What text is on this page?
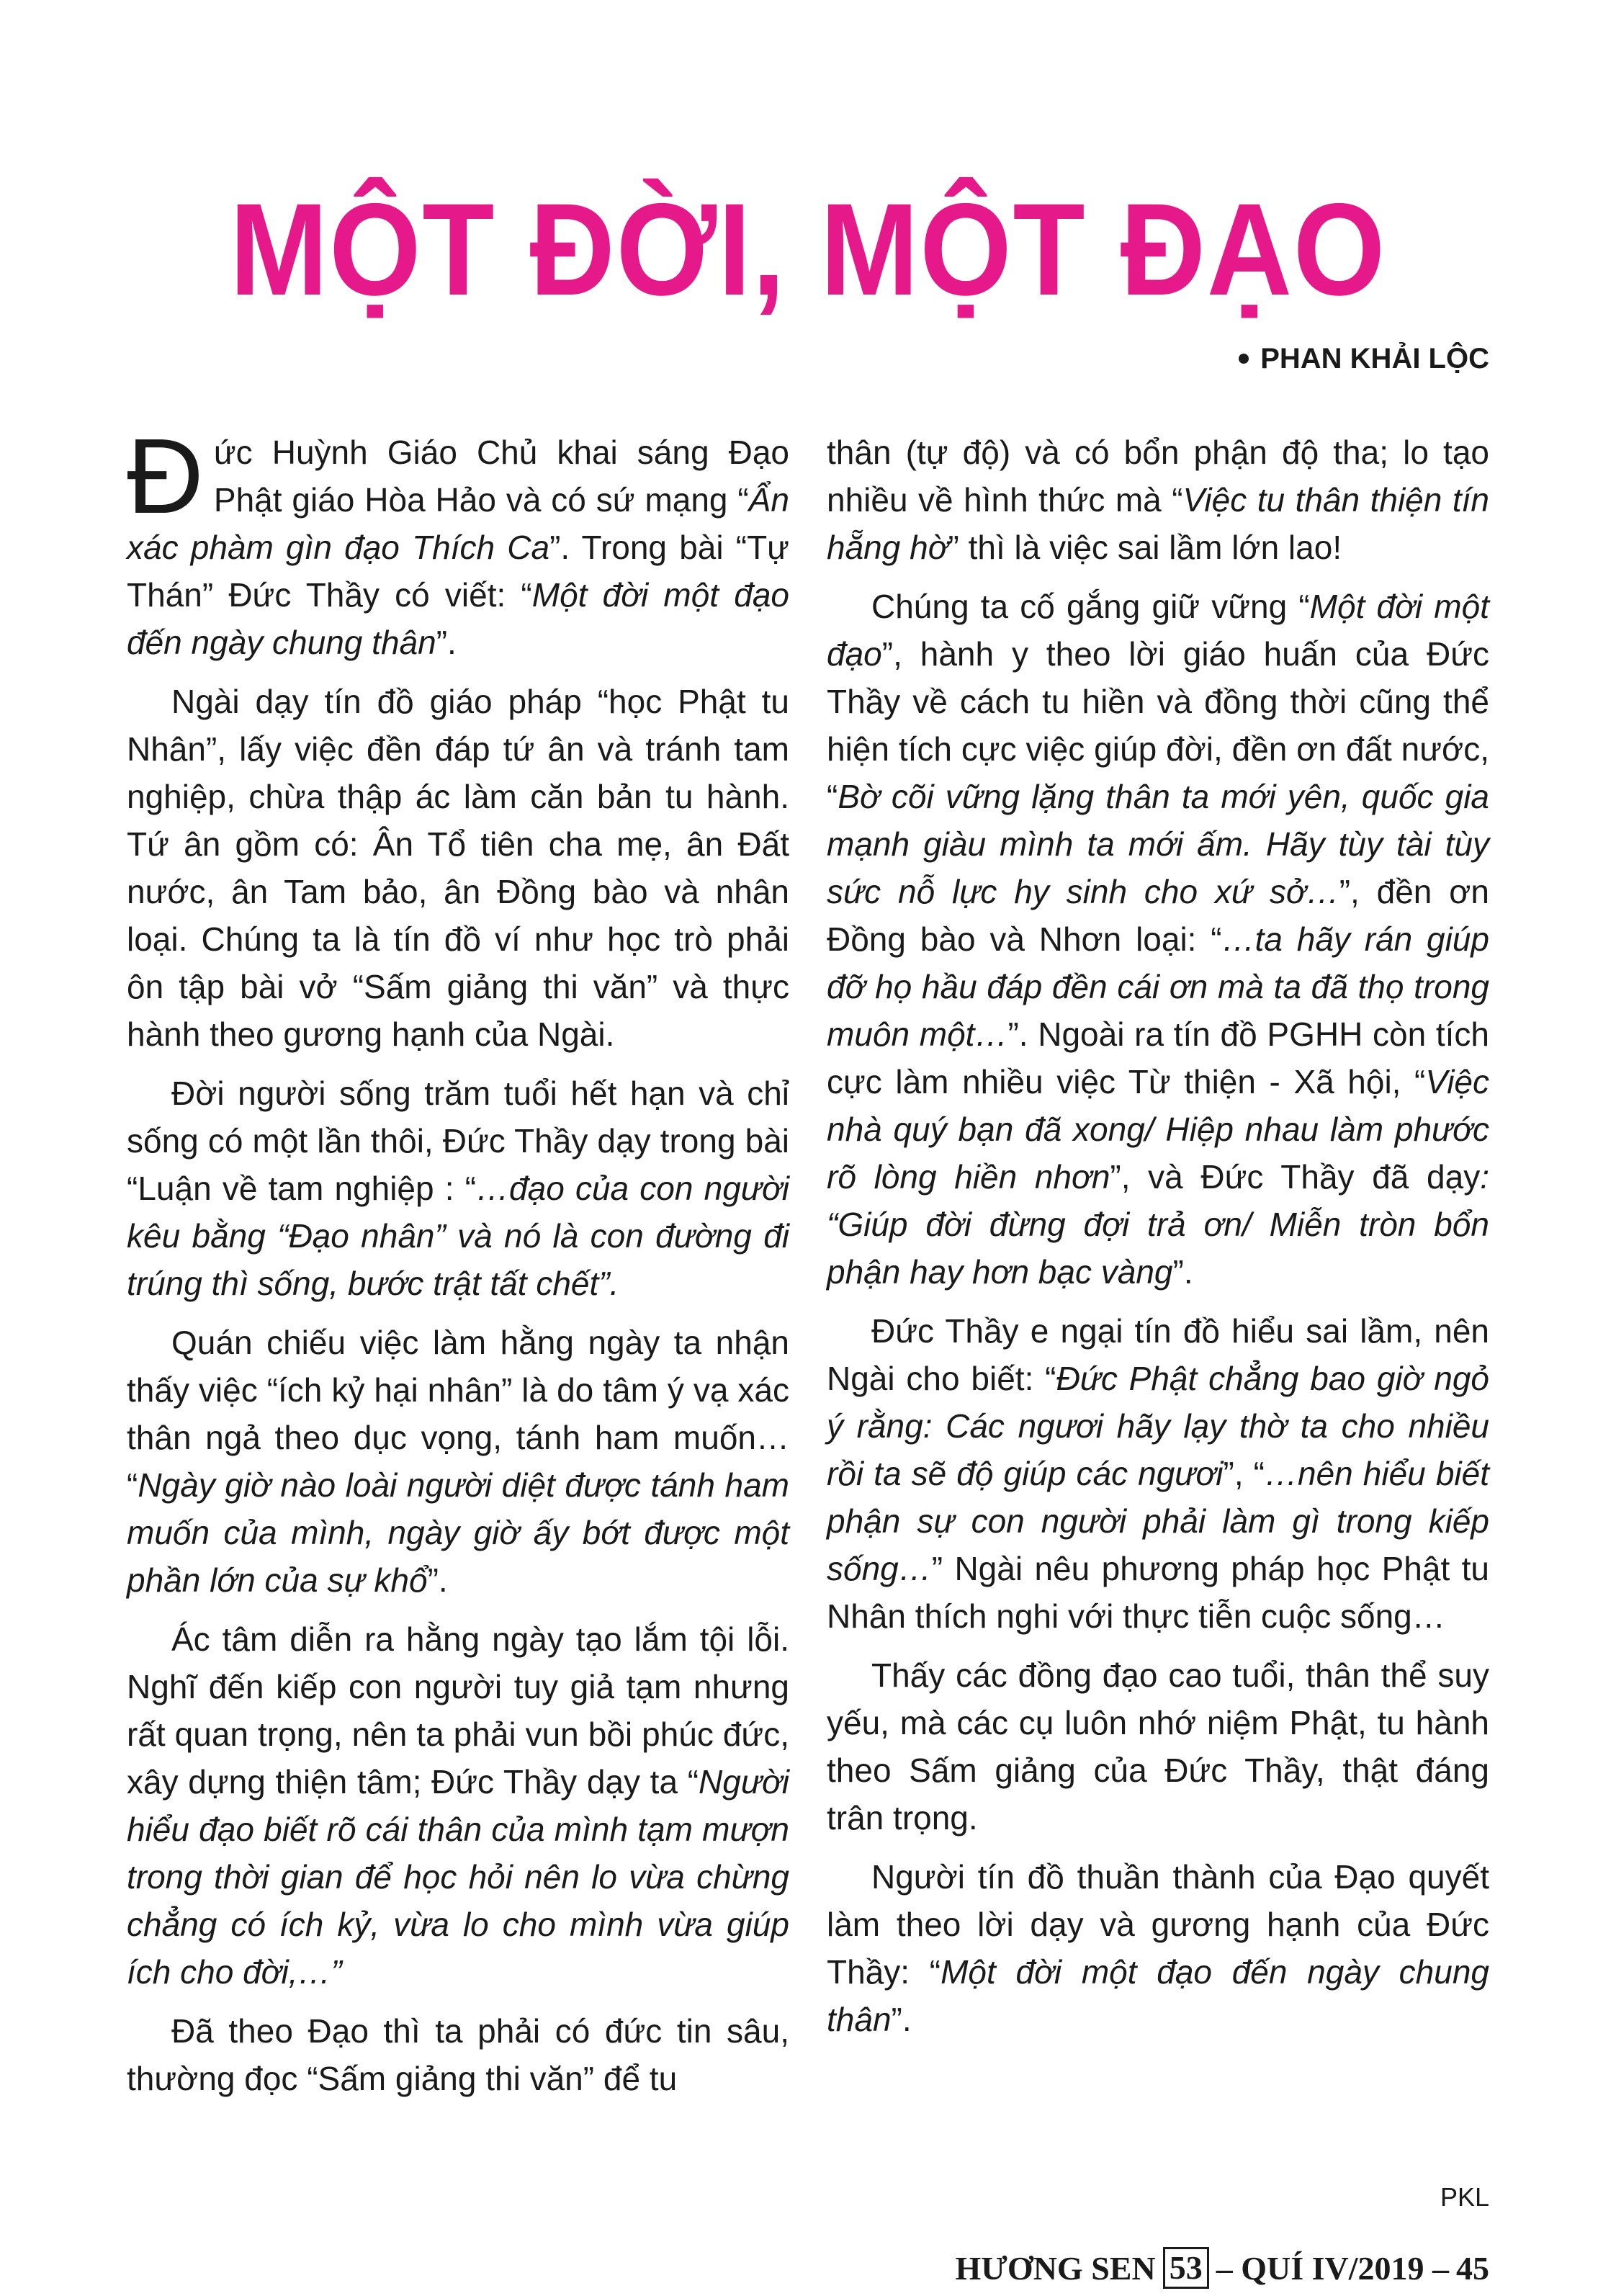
MỘT ĐỜI, MỘT ĐẠO
PHAN KHẢI LỘC

Đức Huỳnh Giáo Chủ khai sáng Đạo Phật giáo Hòa Hảo và có sứ mạng “Ẩn xác phàm gìn đạo Thích Ca”. Trong bài “Tự Thán” Đức Thầy có viết: “Một đời một đạo đến ngày chung thân”.

Ngài dạy tín đồ giáo pháp “học Phật tu Nhân”, lấy việc đền đáp tứ ân và tránh tam nghiệp, chừa thập ác làm căn bản tu hành. Tứ ân gồm có: Ân Tổ tiên cha mẹ, ân Đất nước, ân Tam bảo, ân Đồng bào và nhân loại. Chúng ta là tín đồ ví như học trò phải ôn tập bài vở “Sấm giảng thi văn” và thực hành theo gương hạnh của Ngài.

Đời người sống trăm tuổi hết hạn và chỉ sống có một lần thôi, Đức Thầy dạy trong bài “Luận về tam nghiệp : “…đạo của con người kêu bằng “Đạo nhân” và nó là con đường đi trúng thì sống, bước trật tất chết”.

Quán chiếu việc làm hằng ngày ta nhận thấy việc “ích kỷ hại nhân” là do tâm ý vạ xác thân ngả theo dục vọng, tánh ham muốn… “Ngày giờ nào loài người diệt được tánh ham muốn của mình, ngày giờ ấy bớt được một phần lớn của sự khổ”.

Ác tâm diễn ra hằng ngày tạo lắm tội lỗi. Nghĩ đến kiếp con người tuy giả tạm nhưng rất quan trọng, nên ta phải vun bồi phúc đức, xây dựng thiện tâm; Đức Thầy dạy ta “Người hiểu đạo biết rõ cái thân của mình tạm mượn trong thời gian để học hỏi nên lo vừa chừng chẳng có ích kỷ, vừa lo cho mình vừa giúp ích cho đời,…”

Đã theo Đạo thì ta phải có đức tin sâu, thường đọc “Sấm giảng thi văn” để tu

thân (tự độ) và có bổn phận độ tha; lo tạo nhiều về hình thức mà “Việc tu thân thiện tín hẵng hờ” thì là việc sai lầm lớn lao!

Chúng ta cố gắng giữ vững “Một đời một đạo”, hành y theo lời giáo huấn của Đức Thầy về cách tu hiền và đồng thời cũng thể hiện tích cực việc giúp đời, đền ơn đất nước, “Bờ cõi vững lặng thân ta mới yên, quốc gia mạnh giàu mình ta mới ấm. Hãy tùy tài tùy sức nỗ lực hy sinh cho xứ sở…”, đền ơn Đồng bào và Nhơn loại: “…ta hãy rán giúp đỡ họ hầu đáp đền cái ơn mà ta đã thọ trong muôn một…”. Ngoài ra tín đồ PGHH còn tích cực làm nhiều việc Từ thiện - Xã hội, “Việc nhà quý bạn đã xong/ Hiệp nhau làm phước rõ lòng hiền nhơn”, và Đức Thầy đã dạy: “Giúp đời đừng đợi trả ơn/ Miễn tròn bổn phận hay hơn bạc vàng”.

Đức Thầy e ngại tín đồ hiểu sai lầm, nên Ngài cho biết: “Đức Phật chẳng bao giờ ngỏ ý rằng: Các ngươi hãy lạy thờ ta cho nhiều rồi ta sẽ độ giúp các ngươi”, “…nên hiểu biết phận sự con người phải làm gì trong kiếp sống…” Ngài nêu phương pháp học Phật tu Nhân thích nghi với thực tiễn cuộc sống…

Thấy các đồng đạo cao tuổi, thân thể suy yếu, mà các cụ luôn nhớ niệm Phật, tu hành theo Sấm giảng của Đức Thầy, thật đáng trân trọng.

Người tín đồ thuần thành của Đạo quyết làm theo lời dạy và gương hạnh của Đức Thầy: “Một đời một đạo đến ngày chung thân”.

PKL
HƯƠNG SEN 53 – QUÍ IV/2019 – 45
